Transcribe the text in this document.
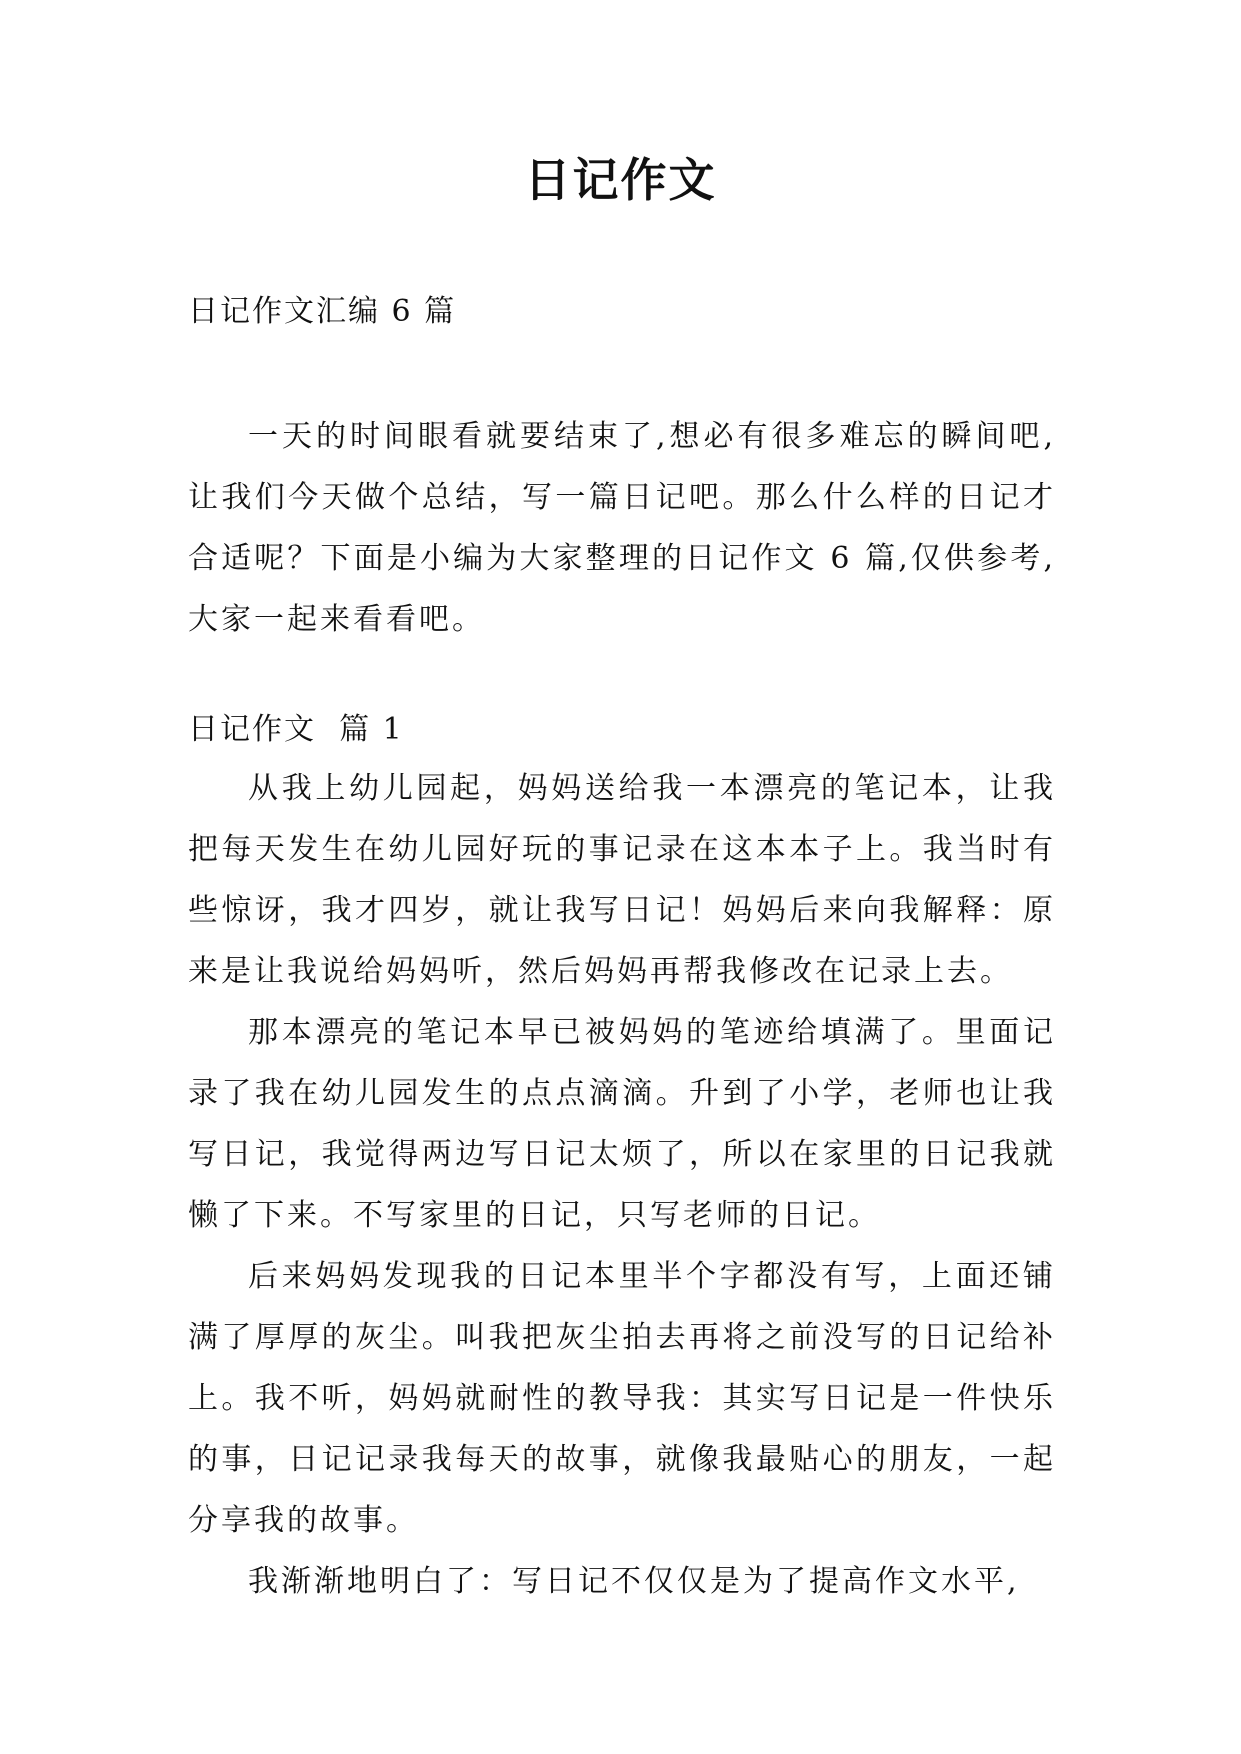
日记作文

日记作文汇编 6 篇

一天的时间眼看就要结束了,想必有很多难忘的瞬间吧,让我们今天做个总结，写一篇日记吧。那么什么样的日记才合适呢？下面是小编为大家整理的日记作文 6 篇,仅供参考,大家一起来看看吧。

日记作文  篇 1

从我上幼儿园起，妈妈送给我一本漂亮的笔记本，让我把每天发生在幼儿园好玩的事记录在这本本子上。我当时有些惊讶，我才四岁，就让我写日记！妈妈后来向我解释：原来是让我说给妈妈听，然后妈妈再帮我修改在记录上去。

那本漂亮的笔记本早已被妈妈的笔迹给填满了。里面记录了我在幼儿园发生的点点滴滴。升到了小学，老师也让我写日记，我觉得两边写日记太烦了，所以在家里的日记我就懒了下来。不写家里的日记，只写老师的日记。

后来妈妈发现我的日记本里半个字都没有写，上面还铺满了厚厚的灰尘。叫我把灰尘拍去再将之前没写的日记给补上。我不听，妈妈就耐性的教导我：其实写日记是一件快乐的事，日记记录我每天的故事，就像我最贴心的朋友，一起分享我的故事。

我渐渐地明白了：写日记不仅仅是为了提高作文水平,
